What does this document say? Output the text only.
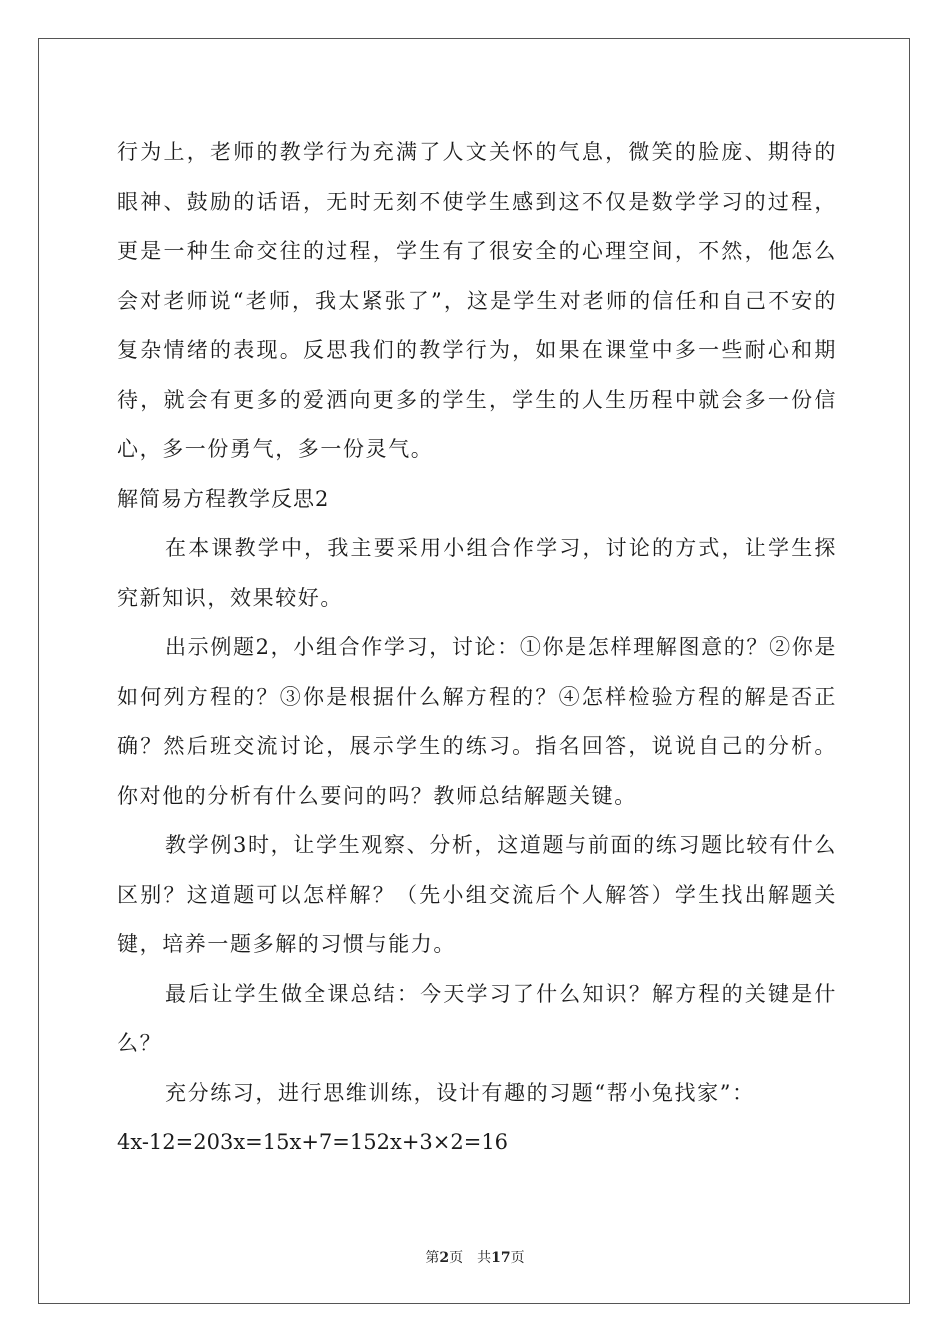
行为上，老师的教学行为充满了人文关怀的气息，微笑的脸庞、期待的眼神、鼓励的话语，无时无刻不使学生感到这不仅是数学学习的过程，更是一种生命交往的过程，学生有了很安全的心理空间，不然，他怎么会对老师说“老师，我太紧张了”，这是学生对老师的信任和自己不安的复杂情绪的表现。反思我们的教学行为，如果在课堂中多一些耐心和期待，就会有更多的爱洒向更多的学生，学生的人生历程中就会多一份信心，多一份勇气，多一份灵气。

解简易方程教学反思2

在本课教学中，我主要采用小组合作学习，讨论的方式，让学生探究新知识，效果较好。

出示例题2，小组合作学习，讨论：①你是怎样理解图意的？②你是如何列方程的？③你是根据什么解方程的？④怎样检验方程的解是否正确？然后班交流讨论，展示学生的练习。指名回答，说说自己的分析。你对他的分析有什么要问的吗？教师总结解题关键。

教学例3时，让学生观察、分析，这道题与前面的练习题比较有什么区别？这道题可以怎样解？（先小组交流后个人解答）学生找出解题关键，培养一题多解的习惯与能力。

最后让学生做全课总结：今天学习了什么知识？解方程的关键是什么？

充分练习，进行思维训练，设计有趣的习题“帮小兔找家”：

4x-12=203x=15x+7=152x+3×2=16

第2页 共17页
